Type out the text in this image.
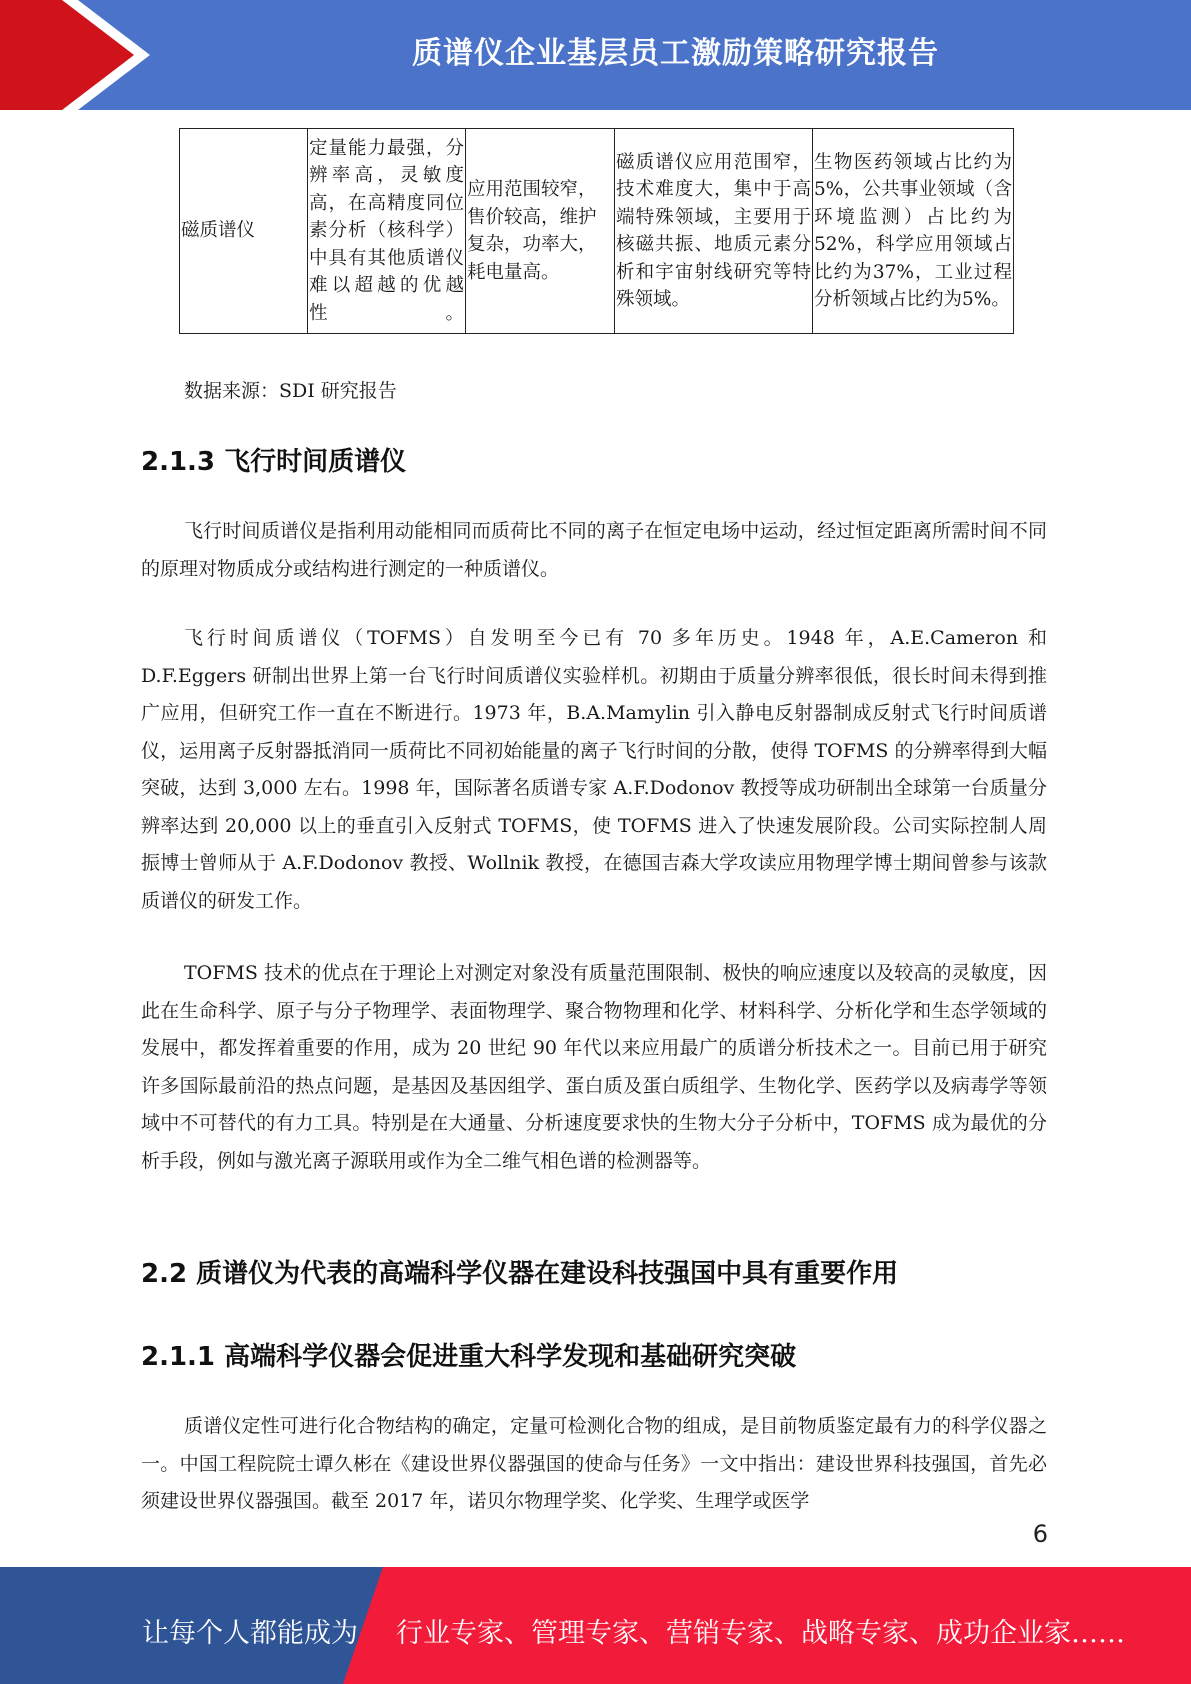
质谱仪企业基层员工激励策略研究报告
磁质谱仪	定量能力最强，分辨率高，灵敏度高，在高精度同位素分析（核科学）中具有其他质谱仪难以超越的优越性。	应用范围较窄，售价较高，维护复杂，功率大，耗电量高。	磁质谱仪应用范围窄，技术难度大，集中于高端特殊领域，主要用于核磁共振、地质元素分析和宇宙射线研究等特殊领域。	生物医药领域占比约为5%，公共事业领域（含环境监测）占比约为52%，科学应用领域占比约为37%，工业过程分析领域占比约为5%。
数据来源：SDI 研究报告
2.1.3 飞行时间质谱仪
飞行时间质谱仪是指利用动能相同而质荷比不同的离子在恒定电场中运动，经过恒定距离所需时间不同的原理对物质成分或结构进行测定的一种质谱仪。
飞行时间质谱仪（TOFMS）自发明至今已有 70 多年历史。1948 年，A.E.Cameron 和 D.F.Eggers 研制出世界上第一台飞行时间质谱仪实验样机。初期由于质量分辨率很低，很长时间未得到推广应用，但研究工作一直在不断进行。1973 年，B.A.Mamylin 引入静电反射器制成反射式飞行时间质谱仪，运用离子反射器抵消同一质荷比不同初始能量的离子飞行时间的分散，使得 TOFMS 的分辨率得到大幅突破，达到 3,000 左右。1998 年，国际著名质谱专家 A.F.Dodonov 教授等成功研制出全球第一台质量分辨率达到 20,000 以上的垂直引入反射式 TOFMS，使 TOFMS 进入了快速发展阶段。公司实际控制人周振博士曾师从于 A.F.Dodonov 教授、Wollnik 教授，在德国吉森大学攻读应用物理学博士期间曾参与该款质谱仪的研发工作。
TOFMS 技术的优点在于理论上对测定对象没有质量范围限制、极快的响应速度以及较高的灵敏度，因此在生命科学、原子与分子物理学、表面物理学、聚合物物理和化学、材料科学、分析化学和生态学领域的发展中，都发挥着重要的作用，成为 20 世纪 90 年代以来应用最广的质谱分析技术之一。目前已用于研究许多国际最前沿的热点问题，是基因及基因组学、蛋白质及蛋白质组学、生物化学、医药学以及病毒学等领域中不可替代的有力工具。特别是在大通量、分析速度要求快的生物大分子分析中，TOFMS 成为最优的分析手段，例如与激光离子源联用或作为全二维气相色谱的检测器等。
2.2 质谱仪为代表的高端科学仪器在建设科技强国中具有重要作用
2.1.1 高端科学仪器会促进重大科学发现和基础研究突破
质谱仪定性可进行化合物结构的确定，定量可检测化合物的组成，是目前物质鉴定最有力的科学仪器之一。中国工程院院士谭久彬在《建设世界仪器强国的使命与任务》一文中指出：建设世界科技强国，首先必须建设世界仪器强国。截至 2017 年，诺贝尔物理学奖、化学奖、生理学或医学
6
让每个人都能成为 行业专家、管理专家、营销专家、战略专家、成功企业家……
